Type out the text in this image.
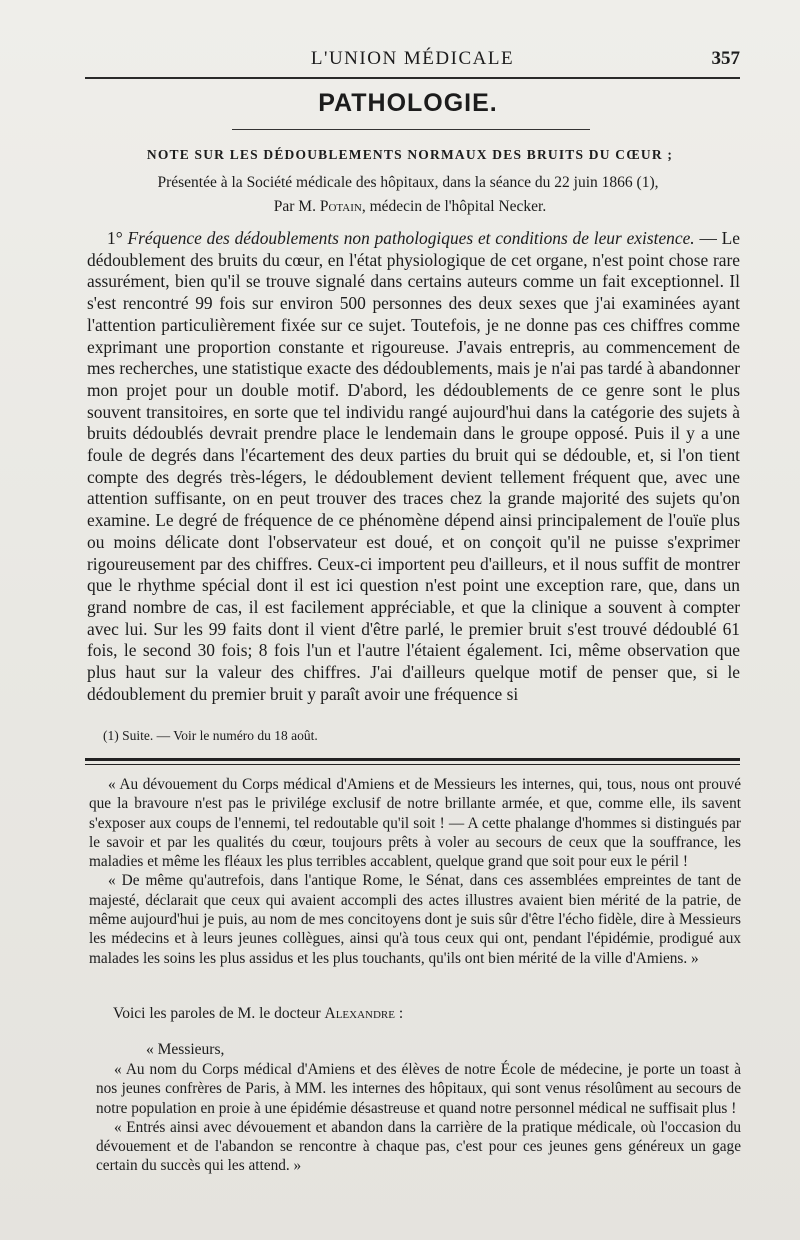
L'UNION MÉDICALE	357
PATHOLOGIE.
NOTE SUR LES DÉDOUBLEMENTS NORMAUX DES BRUITS DU CŒUR ;
Présentée à la Société médicale des hôpitaux, dans la séance du 22 juin 1866 (1),
Par M. Potain, médecin de l'hôpital Necker.

1° Fréquence des dédoublements non pathologiques et conditions de leur existence. — Le dédoublement des bruits du cœur, en l'état physiologique de cet organe, n'est point chose rare assurément, bien qu'il se trouve signalé dans certains auteurs comme un fait exceptionnel. Il s'est rencontré 99 fois sur environ 500 personnes des deux sexes que j'ai examinées ayant l'attention particulièrement fixée sur ce sujet. Toutefois, je ne donne pas ces chiffres comme exprimant une proportion constante et rigoureuse. J'avais entrepris, au commencement de mes recherches, une statistique exacte des dédoublements, mais je n'ai pas tardé à abandonner mon projet pour un double motif. D'abord, les dédoublements de ce genre sont le plus souvent transitoires, en sorte que tel individu rangé aujourd'hui dans la catégorie des sujets à bruits dédoublés devrait prendre place le lendemain dans le groupe opposé. Puis il y a une foule de degrés dans l'écartement des deux parties du bruit qui se dédouble, et, si l'on tient compte des degrés très-légers, le dédoublement devient tellement fréquent que, avec une attention suffisante, on en peut trouver des traces chez la grande majorité des sujets qu'on examine. Le degré de fréquence de ce phénomène dépend ainsi principalement de l'ouïe plus ou moins délicate dont l'observateur est doué, et on conçoit qu'il ne puisse s'exprimer rigoureusement par des chiffres. Ceux-ci importent peu d'ailleurs, et il nous suffit de montrer que le rhythme spécial dont il est ici question n'est point une exception rare, que, dans un grand nombre de cas, il est facilement appréciable, et que la clinique a souvent à compter avec lui. Sur les 99 faits dont il vient d'être parlé, le premier bruit s'est trouvé dédoublé 61 fois, le second 30 fois; 8 fois l'un et l'autre l'étaient également. Ici, même observation que plus haut sur la valeur des chiffres. J'ai d'ailleurs quelque motif de penser que, si le dédoublement du premier bruit y paraît avoir une fréquence si

(1) Suite. — Voir le numéro du 18 août.

« Au dévouement du Corps médical d'Amiens et de Messieurs les internes, qui, tous, nous ont prouvé que la bravoure n'est pas le privilége exclusif de notre brillante armée, et que, comme elle, ils savent s'exposer aux coups de l'ennemi, tel redoutable qu'il soit ! — A cette phalange d'hommes si distingués par le savoir et par les qualités du cœur, toujours prêts à voler au secours de ceux que la souffrance, les maladies et même les fléaux les plus terribles accablent, quelque grand que soit pour eux le péril !

« De même qu'autrefois, dans l'antique Rome, le Sénat, dans ces assemblées empreintes de tant de majesté, déclarait que ceux qui avaient accompli des actes illustres avaient bien mérité de la patrie, de même aujourd'hui je puis, au nom de mes concitoyens dont je suis sûr d'être l'écho fidèle, dire à Messieurs les médecins et à leurs jeunes collègues, ainsi qu'à tous ceux qui ont, pendant l'épidémie, prodigué aux malades les soins les plus assidus et les plus touchants, qu'ils ont bien mérité de la ville d'Amiens. »

Voici les paroles de M. le docteur Alexandre :
« Messieurs,

« Au nom du Corps médical d'Amiens et des élèves de notre École de médecine, je porte un toast à nos jeunes confrères de Paris, à MM. les internes des hôpitaux, qui sont venus résolûment au secours de notre population en proie à une épidémie désastreuse et quand notre personnel médical ne suffisait plus !

« Entrés ainsi avec dévouement et abandon dans la carrière de la pratique médicale, où l'occasion du dévouement et de l'abandon se rencontre à chaque pas, c'est pour ces jeunes gens généreux un gage certain du succès qui les attend. »
